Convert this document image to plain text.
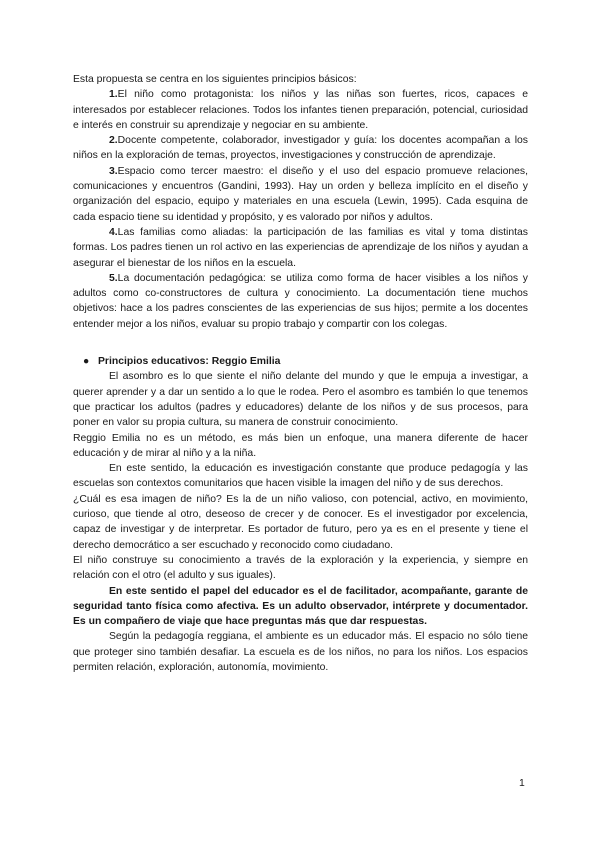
Esta propuesta se centra en los siguientes principios básicos:

1.El niño como protagonista: los niños y las niñas son fuertes, ricos, capaces e interesados por establecer relaciones. Todos los infantes tienen preparación, potencial, curiosidad e interés en construir su aprendizaje y negociar en su ambiente.

2.Docente competente, colaborador, investigador y guía: los docentes acompañan a los niños en la exploración de temas, proyectos, investigaciones y construcción de aprendizaje.

3.Espacio como tercer maestro: el diseño y el uso del espacio promueve relaciones, comunicaciones y encuentros (Gandini, 1993). Hay un orden y belleza implícito en el diseño y organización del espacio, equipo y materiales en una escuela (Lewin, 1995). Cada esquina de cada espacio tiene su identidad y propósito, y es valorado por niños y adultos.

4.Las familias como aliadas: la participación de las familias es vital y toma distintas formas. Los padres tienen un rol activo en las experiencias de aprendizaje de los niños y ayudan a asegurar el bienestar de los niños en la escuela.

5.La documentación pedagógica: se utiliza como forma de hacer visibles a los niños y adultos como co-constructores de cultura y conocimiento. La documentación tiene muchos objetivos: hace a los padres conscientes de las experiencias de sus hijos; permite a los docentes entender mejor a los niños, evaluar su propio trabajo y compartir con los colegas.

● Principios educativos: Reggio Emilia

El asombro es lo que siente el niño delante del mundo y que le empuja a investigar, a querer aprender y a dar un sentido a lo que le rodea. Pero el asombro es también lo que tenemos que practicar los adultos (padres y educadores) delante de los niños y de sus procesos, para poner en valor su propia cultura, su manera de construir conocimiento.

Reggio Emilia no es un método, es más bien un enfoque, una manera diferente de hacer educación y de mirar al niño y a la niña.

En este sentido, la educación es investigación constante que produce pedagogía y las escuelas son contextos comunitarios que hacen visible la imagen del niño y de sus derechos.

¿Cuál es esa imagen de niño? Es la de un niño valioso, con potencial, activo, en movimiento, curioso, que tiende al otro, deseoso de crecer y de conocer. Es el investigador por excelencia, capaz de investigar y de interpretar. Es portador de futuro, pero ya es en el presente y tiene el derecho democrático a ser escuchado y reconocido como ciudadano.

El niño construye su conocimiento a través de la exploración y la experiencia, y siempre en relación con el otro (el adulto y sus iguales).

En este sentido el papel del educador es el de facilitador, acompañante, garante de seguridad tanto física como afectiva. Es un adulto observador, intérprete y documentador. Es un compañero de viaje que hace preguntas más que dar respuestas.

Según la pedagogía reggiana, el ambiente es un educador más. El espacio no sólo tiene que proteger sino también desafiar. La escuela es de los niños, no para los niños. Los espacios permiten relación, exploración, autonomía, movimiento.

1
